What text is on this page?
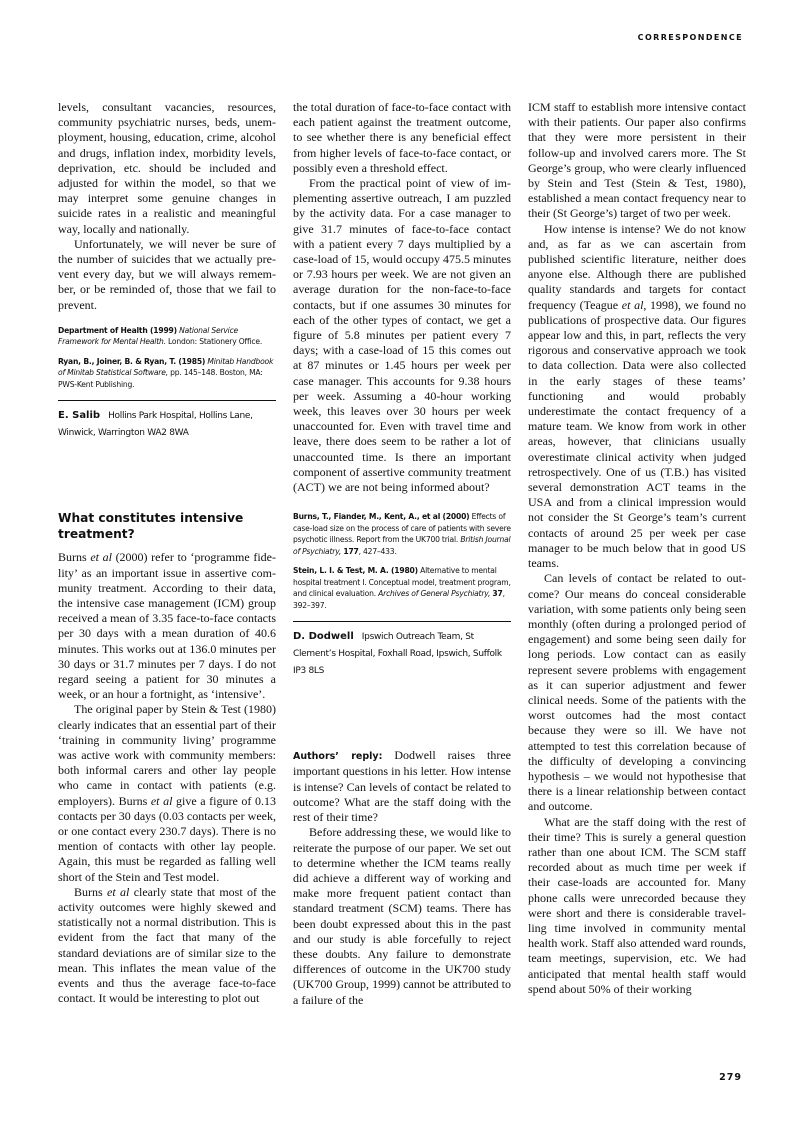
CORRESPONDENCE

levels, consultant vacancies, resources, community psychiatric nurses, beds, unemployment, housing, education, crime, alcohol and drugs, inflation index, morbidity levels, deprivation, etc. should be included and adjusted for within the model, so that we may interpret some genuine changes in suicide rates in a realistic and meaningful way, locally and nationally.

Unfortunately, we will never be sure of the number of suicides that we actually prevent every day, but we will always remember, or be reminded of, those that we fail to prevent.

Department of Health (1999) National Service Framework for Mental Health. London: Stationery Office.

Ryan, B., Joiner, B. & Ryan, T. (1985) Minitab Handbook of Minitab Statistical Software, pp. 145–148. Boston, MA: PWS-Kent Publishing.

E. Salib Hollins Park Hospital, Hollins Lane, Winwick, Warrington WA2 8WA
What constitutes intensive treatment?

Burns et al (2000) refer to ‘programme fidelity’ as an important issue in assertive community treatment. According to their data, the intensive case management (ICM) group received a mean of 3.35 face-to-face contacts per 30 days with a mean duration of 40.6 minutes. This works out at 136.0 minutes per 30 days or 31.7 minutes per 7 days. I do not regard seeing a patient for 30 minutes a week, or an hour a fortnight, as ‘intensive’.

The original paper by Stein & Test (1980) clearly indicates that an essential part of their ‘training in community living’ programme was active work with community members: both informal carers and other lay people who came in contact with patients (e.g. employers). Burns et al give a figure of 0.13 contacts per 30 days (0.03 contacts per week, or one contact every 230.7 days). There is no mention of contacts with other lay people. Again, this must be regarded as falling well short of the Stein and Test model.

Burns et al clearly state that most of the activity outcomes were highly skewed and statistically not a normal distribution. This is evident from the fact that many of the standard deviations are of similar size to the mean. This inflates the mean value of the events and thus the average face-to-face contact. It would be interesting to plot out

the total duration of face-to-face contact with each patient against the treatment outcome, to see whether there is any beneficial effect from higher levels of face-to-face contact, or possibly even a threshold effect.

From the practical point of view of implementing assertive outreach, I am puzzled by the activity data. For a case manager to give 31.7 minutes of face-to-face contact with a patient every 7 days multiplied by a case-load of 15, would occupy 475.5 minutes or 7.93 hours per week. We are not given an average duration for the non-face-to-face contacts, but if one assumes 30 minutes for each of the other types of contact, we get a figure of 5.8 minutes per patient every 7 days; with a case-load of 15 this comes out at 87 minutes or 1.45 hours per week per case manager. This accounts for 9.38 hours per week. Assuming a 40-hour working week, this leaves over 30 hours per week unaccounted for. Even with travel time and leave, there does seem to be rather a lot of unaccounted time. Is there an important component of assertive community treatment (ACT) we are not being informed about?

Burns, T., Fiander, M., Kent, A., et al (2000) Effects of case-load size on the process of care of patients with severe psychotic illness. Report from the UK700 trial. British Journal of Psychiatry, 177, 427–433.

Stein, L. I. & Test, M. A. (1980) Alternative to mental hospital treatment I. Conceptual model, treatment program, and clinical evaluation. Archives of General Psychiatry, 37, 392–397.

D. Dodwell Ipswich Outreach Team, St Clement’s Hospital, Foxhall Road, Ipswich, Suffolk IP3 8LS

Authors’ reply: Dodwell raises three important questions in his letter. How intense is intense? Can levels of contact be related to outcome? What are the staff doing with the rest of their time?

Before addressing these, we would like to reiterate the purpose of our paper. We set out to determine whether the ICM teams really did achieve a different way of working and make more frequent patient contact than standard treatment (SCM) teams. There has been doubt expressed about this in the past and our study is able forcefully to reject these doubts. Any failure to demonstrate differences of outcome in the UK700 study (UK700 Group, 1999) cannot be attributed to a failure of the

ICM staff to establish more intensive contact with their patients. Our paper also confirms that they were more persistent in their follow-up and involved carers more. The St George’s group, who were clearly influenced by Stein and Test (Stein & Test, 1980), established a mean contact frequency near to their (St George’s) target of two per week.

How intense is intense? We do not know and, as far as we can ascertain from published scientific literature, neither does anyone else. Although there are published quality standards and targets for contact frequency (Teague et al, 1998), we found no publications of prospective data. Our figures appear low and this, in part, reflects the very rigorous and conservative approach we took to data collection. Data were also collected in the early stages of these teams’ functioning and would probably underestimate the contact frequency of a mature team. We know from work in other areas, however, that clinicians usually overestimate clinical activity when judged retrospectively. One of us (T.B.) has visited several demonstration ACT teams in the USA and from a clinical impression would not consider the St George’s team’s current contacts of around 25 per week per case manager to be much below that in good US teams.

Can levels of contact be related to outcome? Our means do conceal considerable variation, with some patients only being seen monthly (often during a prolonged period of engagement) and some being seen daily for long periods. Low contact can as easily represent severe problems with engagement as it can superior adjustment and fewer clinical needs. Some of the patients with the worst outcomes had the most contact because they were so ill. We have not attempted to test this correlation because of the difficulty of developing a convincing hypothesis – we would not hypothesise that there is a linear relationship between contact and outcome.

What are the staff doing with the rest of their time? This is surely a general question rather than one about ICM. The SCM staff recorded about as much time per week if their case-loads are accounted for. Many phone calls were unrecorded because they were short and there is considerable travelling time involved in community mental health work. Staff also attended ward rounds, team meetings, supervision, etc. We had anticipated that mental health staff would spend about 50% of their working

279
